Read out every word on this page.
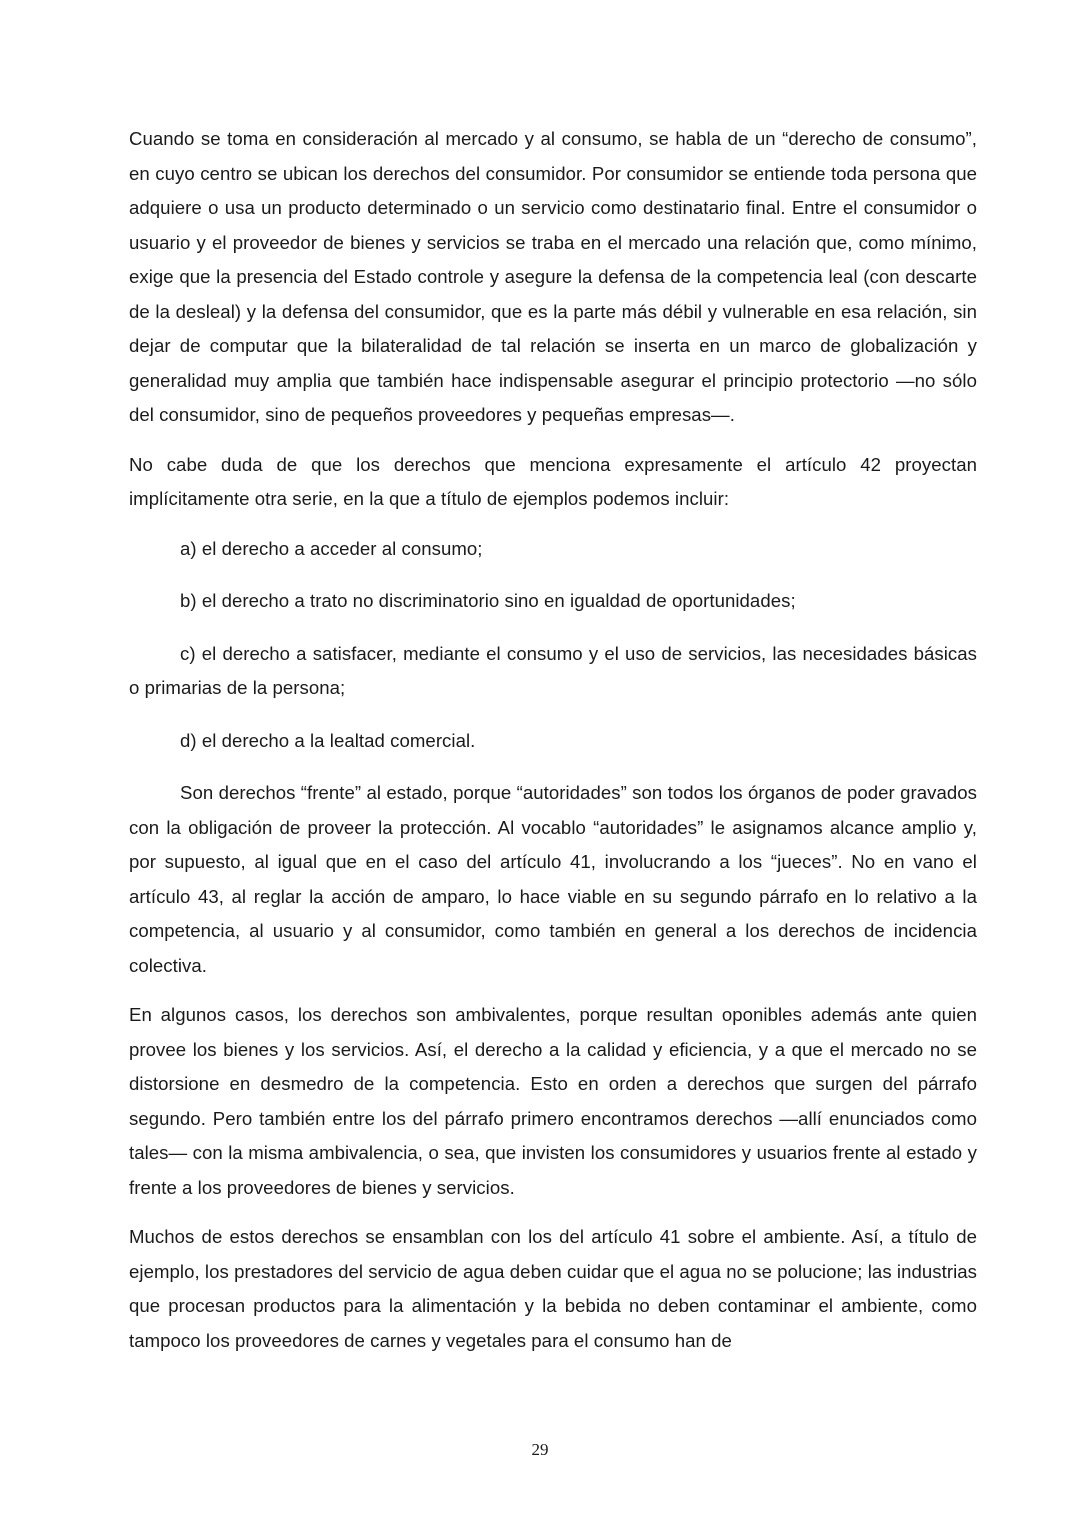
Cuando se toma en consideración al mercado y al consumo, se habla de un “derecho de consumo”, en cuyo centro se ubican los derechos del consumidor. Por consumidor se entiende toda persona que adquiere o usa un producto determinado o un servicio como destinatario final. Entre el consumidor o usuario y el proveedor de bienes y servicios se traba en el mercado una relación que, como mínimo, exige que la presencia del Estado controle y asegure la defensa de la competencia leal (con descarte de la desleal) y la defensa del consumidor, que es la parte más débil y vulnerable en esa relación, sin dejar de computar que la bilateralidad de tal relación se inserta en un marco de globalización y generalidad muy amplia que también hace indispensable asegurar el principio protectorio —no sólo del consumidor, sino de pequeños proveedores y pequeñas empresas—.

No cabe duda de que los derechos que menciona expresamente el artículo 42 proyectan implícitamente otra serie, en la que a título de ejemplos podemos incluir:

a) el derecho a acceder al consumo;

b) el derecho a trato no discriminatorio sino en igualdad de oportunidades;

c) el derecho a satisfacer, mediante el consumo y el uso de servicios, las necesidades básicas o primarias de la persona;

d) el derecho a la lealtad comercial.

Son derechos “frente” al estado, porque “autoridades” son todos los órganos de poder gravados con la obligación de proveer la protección. Al vocablo “autoridades” le asignamos alcance amplio y, por supuesto, al igual que en el caso del artículo 41, involucrando a los “jueces”. No en vano el artículo 43, al reglar la acción de amparo, lo hace viable en su segundo párrafo en lo relativo a la competencia, al usuario y al consumidor, como también en general a los derechos de incidencia colectiva.

En algunos casos, los derechos son ambivalentes, porque resultan oponibles además ante quien provee los bienes y los servicios. Así, el derecho a la calidad y eficiencia, y a que el mercado no se distorsione en desmedro de la competencia. Esto en orden a derechos que surgen del párrafo segundo. Pero también entre los del párrafo primero encontramos derechos —allí enunciados como tales— con la misma ambivalencia, o sea, que invisten los consumidores y usuarios frente al estado y frente a los proveedores de bienes y servicios.

Muchos de estos derechos se ensamblan con los del artículo 41 sobre el ambiente. Así, a título de ejemplo, los prestadores del servicio de agua deben cuidar que el agua no se polucione; las industrias que procesan productos para la alimentación y la bebida no deben contaminar el ambiente, como tampoco los proveedores de carnes y vegetales para el consumo han de

29
